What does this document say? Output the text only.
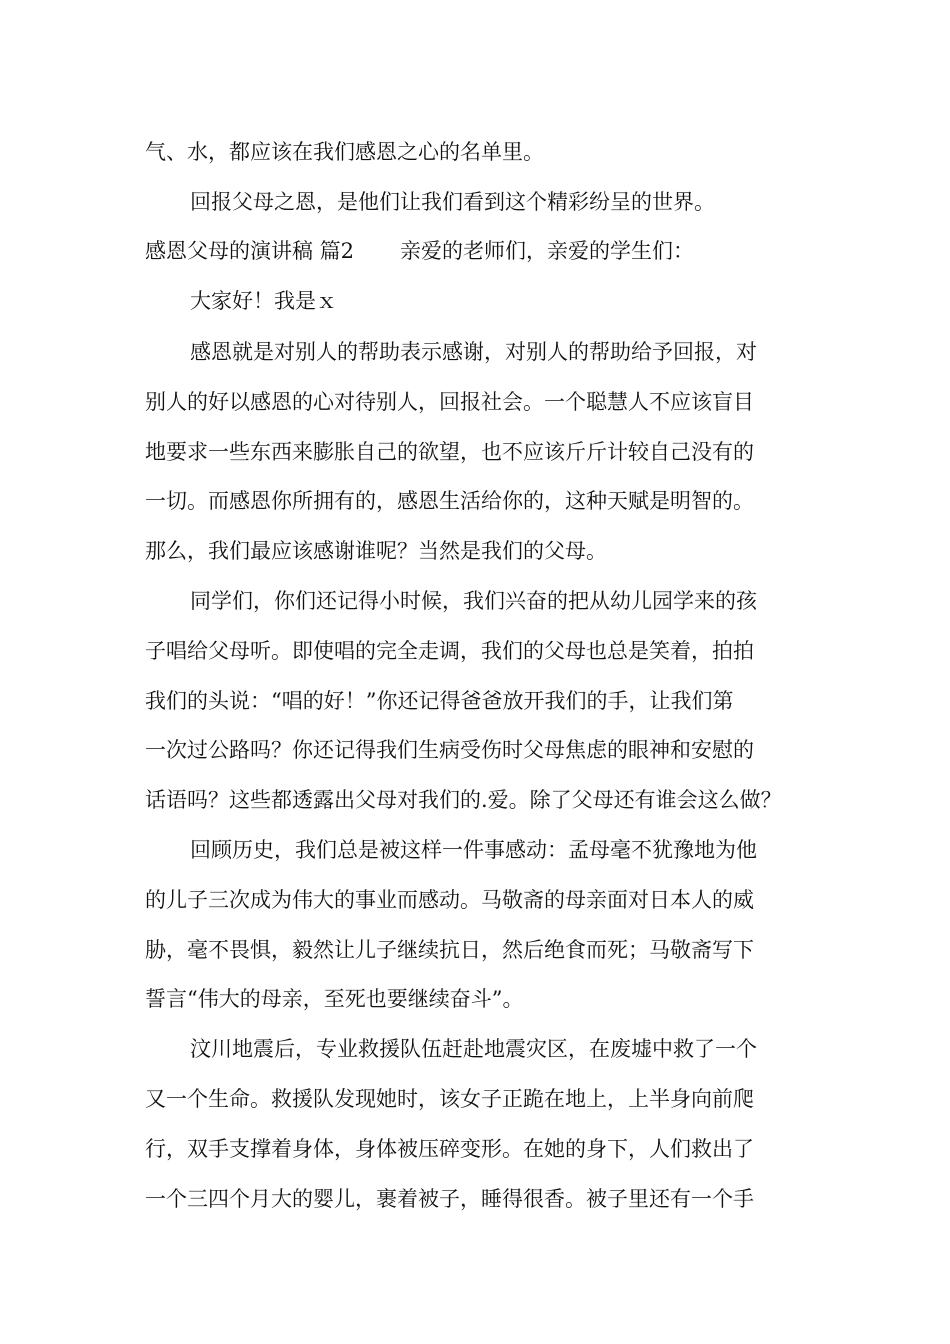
气、水，都应该在我们感恩之心的名单里。
回报父母之恩，是他们让我们看到这个精彩纷呈的世界。
感恩父母的演讲稿 篇2 亲爱的老师们，亲爱的学生们：
大家好！我是ｘ
感恩就是对别人的帮助表示感谢，对别人的帮助给予回报，对
别人的好以感恩的心对待别人，回报社会。一个聪慧人不应该盲目
地要求一些东西来膨胀自己的欲望，也不应该斤斤计较自己没有的
一切。而感恩你所拥有的，感恩生活给你的，这种天赋是明智的。
那么，我们最应该感谢谁呢？当然是我们的父母。
同学们，你们还记得小时候，我们兴奋的把从幼儿园学来的孩
子唱给父母听。即使唱的完全走调，我们的父母也总是笑着，拍拍
我们的头说：“唱的好！”你还记得爸爸放开我们的手，让我们第
一次过公路吗？你还记得我们生病受伤时父母焦虑的眼神和安慰的
话语吗？这些都透露出父母对我们的.爱。除了父母还有谁会这么做？
回顾历史，我们总是被这样一件事感动：孟母毫不犹豫地为他
的儿子三次成为伟大的事业而感动。马敬斋的母亲面对日本人的威
胁，毫不畏惧，毅然让儿子继续抗日，然后绝食而死；马敬斋写下
誓言“伟大的母亲，至死也要继续奋斗”。
汶川地震后，专业救援队伍赶赴地震灾区，在废墟中救了一个
又一个生命。救援队发现她时，该女子正跪在地上，上半身向前爬
行，双手支撑着身体，身体被压碎变形。在她的身下，人们救出了
一个三四个月大的婴儿，裹着被子，睡得很香。被子里还有一个手
